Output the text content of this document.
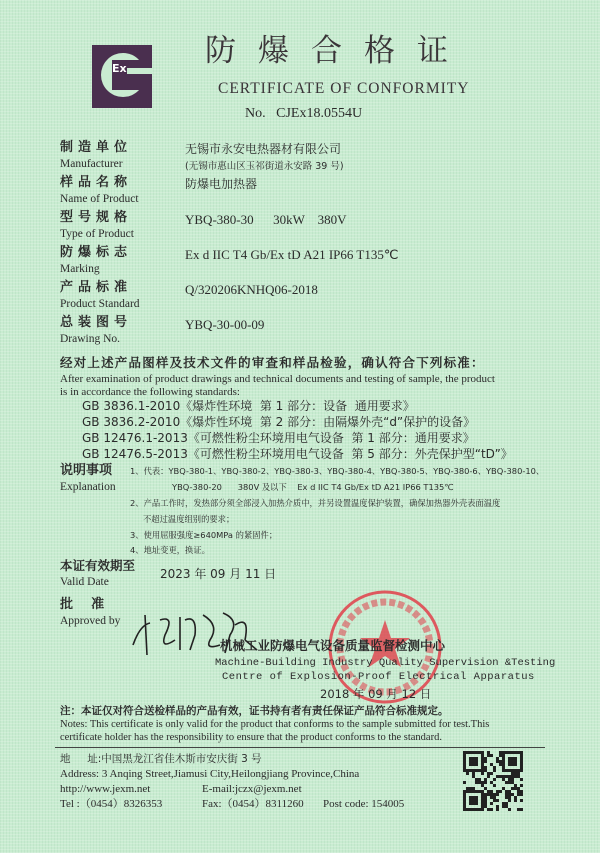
Ex	防爆合格证
CERTIFICATE OF CONFORMITY
No.   CJEx18.0554U
制造单位
Manufacturer
无锡市永安电热器材有限公司
(无锡市惠山区玉祁街道永安路 39 号)
样品名称
Name of Product
防爆电加热器
型号规格
Type of Product
YBQ-380-30      30kW    380V
防爆标志
Marking
Ex d IIC T4 Gb/Ex tD A21 IP66 T135℃
产品标准
Product Standard
Q/320206KNHQ06-2018
总装图号
Drawing No.
YBQ-30-00-09
经对上述产品图样及技术文件的审查和样品检验，确认符合下列标准：
After examination of product drawings and technical documents and testing of sample, the product
is in accordance the following standards:
GB 3836.1-2010《爆炸性环境  第 1 部分：设备  通用要求》
GB 3836.2-2010《爆炸性环境  第 2 部分：由隔爆外壳“d”保护的设备》
GB 12476.1-2013《可燃性粉尘环境用电气设备  第 1 部分：通用要求》
GB 12476.5-2013《可燃性粉尘环境用电气设备  第 5 部分：外壳保护型“tD”》
说明事项
Explanation
1、代表：YBQ-380-1、YBQ-380-2、YBQ-380-3、YBQ-380-4、YBQ-380-5、YBQ-380-6、YBQ-380-10、
YBQ-380-20      380V 及以下    Ex d IIC T4 Gb/Ex tD A21 IP66 T135℃
2、产品工作时，发热部分须全部浸入加热介质中，并另设置温度保护装置，确保加热器外壳表面温度
不超过温度组别的要求；
3、使用屈服强度≥640MPa 的紧固件；
4、地址变更，换证。
本证有效期至
Valid Date
2023 年 09 月 11 日
批    准
Approved by
机械工业防爆电气设备质量监督检测中心
Machine-Building Industry Quality Supervision &Testing
Centre of Explosion-Proof Electrical Apparatus
2018 年 09 月 12 日
注：本证仅对符合送检样品的产品有效，证书持有者有责任保证产品符合标准规定。
Notes: This certificate is only valid for the product that conforms to the sample submitted for test.This
certificate holder has the responsibility to ensure that the product conforms to the standard.
地     址:中国黑龙江省佳木斯市安庆街 3 号
Address: 3 Anqing Street,Jiamusi City,Heilongjiang Province,China
http://www.jexm.net	E-mail:jczx@jexm.net
Tel :（0454）8326353	Fax:（0454）8311260 Post code: 154005
